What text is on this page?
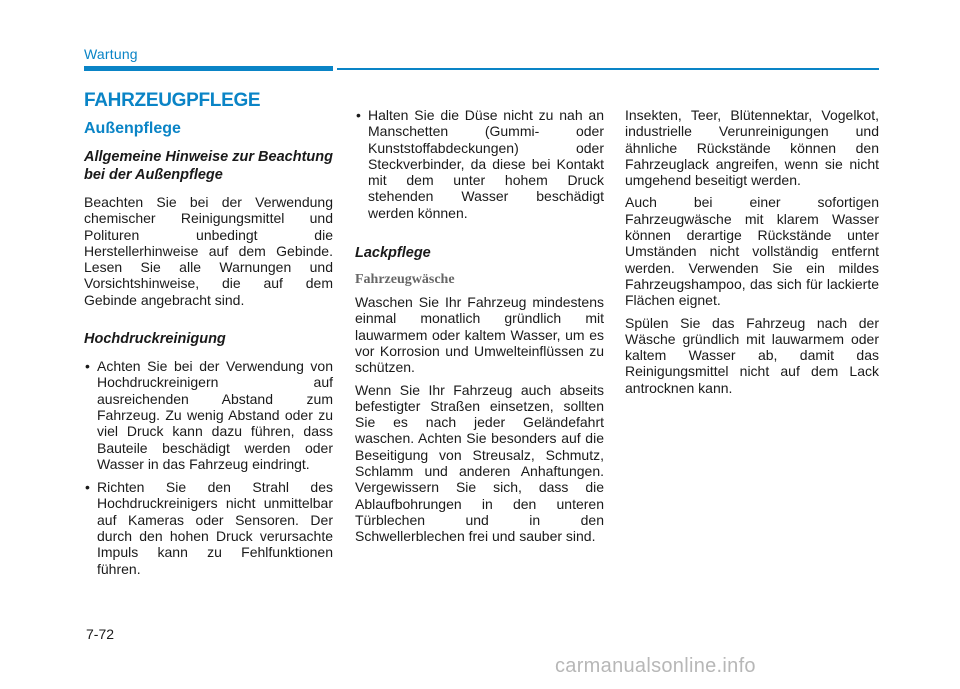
Wartung
FAHRZEUGPFLEGE
Außenpflege
Allgemeine Hinweise zur Beachtung bei der Außenpflege

Beachten Sie bei der Verwendung chemischer Reinigungsmittel und Polituren unbedingt die Herstellerhinweise auf dem Gebinde. Lesen Sie alle Warnungen und Vorsichtshinweise, die auf dem Gebinde angebracht sind.

Hochdruckreinigung
• Achten Sie bei der Verwendung von Hochdruckreinigern auf ausreichenden Abstand zum Fahrzeug. Zu wenig Abstand oder zu viel Druck kann dazu führen, dass Bauteile beschädigt werden oder Wasser in das Fahrzeug eindringt.
• Richten Sie den Strahl des Hochdruckreinigers nicht unmittelbar auf Kameras oder Sensoren. Der durch den hohen Druck verursachte Impuls kann zu Fehlfunktionen führen.
• Halten Sie die Düse nicht zu nah an Manschetten (Gummi- oder Kunststoffabdeckungen) oder Steckverbinder, da diese bei Kontakt mit dem unter hohem Druck stehenden Wasser beschädigt werden können.
Lackpflege
Fahrzeugwäsche

Waschen Sie Ihr Fahrzeug mindestens einmal monatlich gründlich mit lauwarmem oder kaltem Wasser, um es vor Korrosion und Umwelteinflüssen zu schützen.

Wenn Sie Ihr Fahrzeug auch abseits befestigter Straßen einsetzen, sollten Sie es nach jeder Geländefahrt waschen. Achten Sie besonders auf die Beseitigung von Streusalz, Schmutz, Schlamm und anderen Anhaftungen. Vergewissern Sie sich, dass die Ablaufbohrungen in den unteren Türblechen und in den Schwellerblechen frei und sauber sind.

Insekten, Teer, Blütennektar, Vogelkot, industrielle Verunreinigungen und ähnliche Rückstände können den Fahrzeuglack angreifen, wenn sie nicht umgehend beseitigt werden.

Auch bei einer sofortigen Fahrzeugwäsche mit klarem Wasser können derartige Rückstände unter Umständen nicht vollständig entfernt werden. Verwenden Sie ein mildes Fahrzeugshampoo, das sich für lackierte Flächen eignet.

Spülen Sie das Fahrzeug nach der Wäsche gründlich mit lauwarmem oder kaltem Wasser ab, damit das Reinigungsmittel nicht auf dem Lack antrocknen kann.

7-72
carmanualsonline.info
